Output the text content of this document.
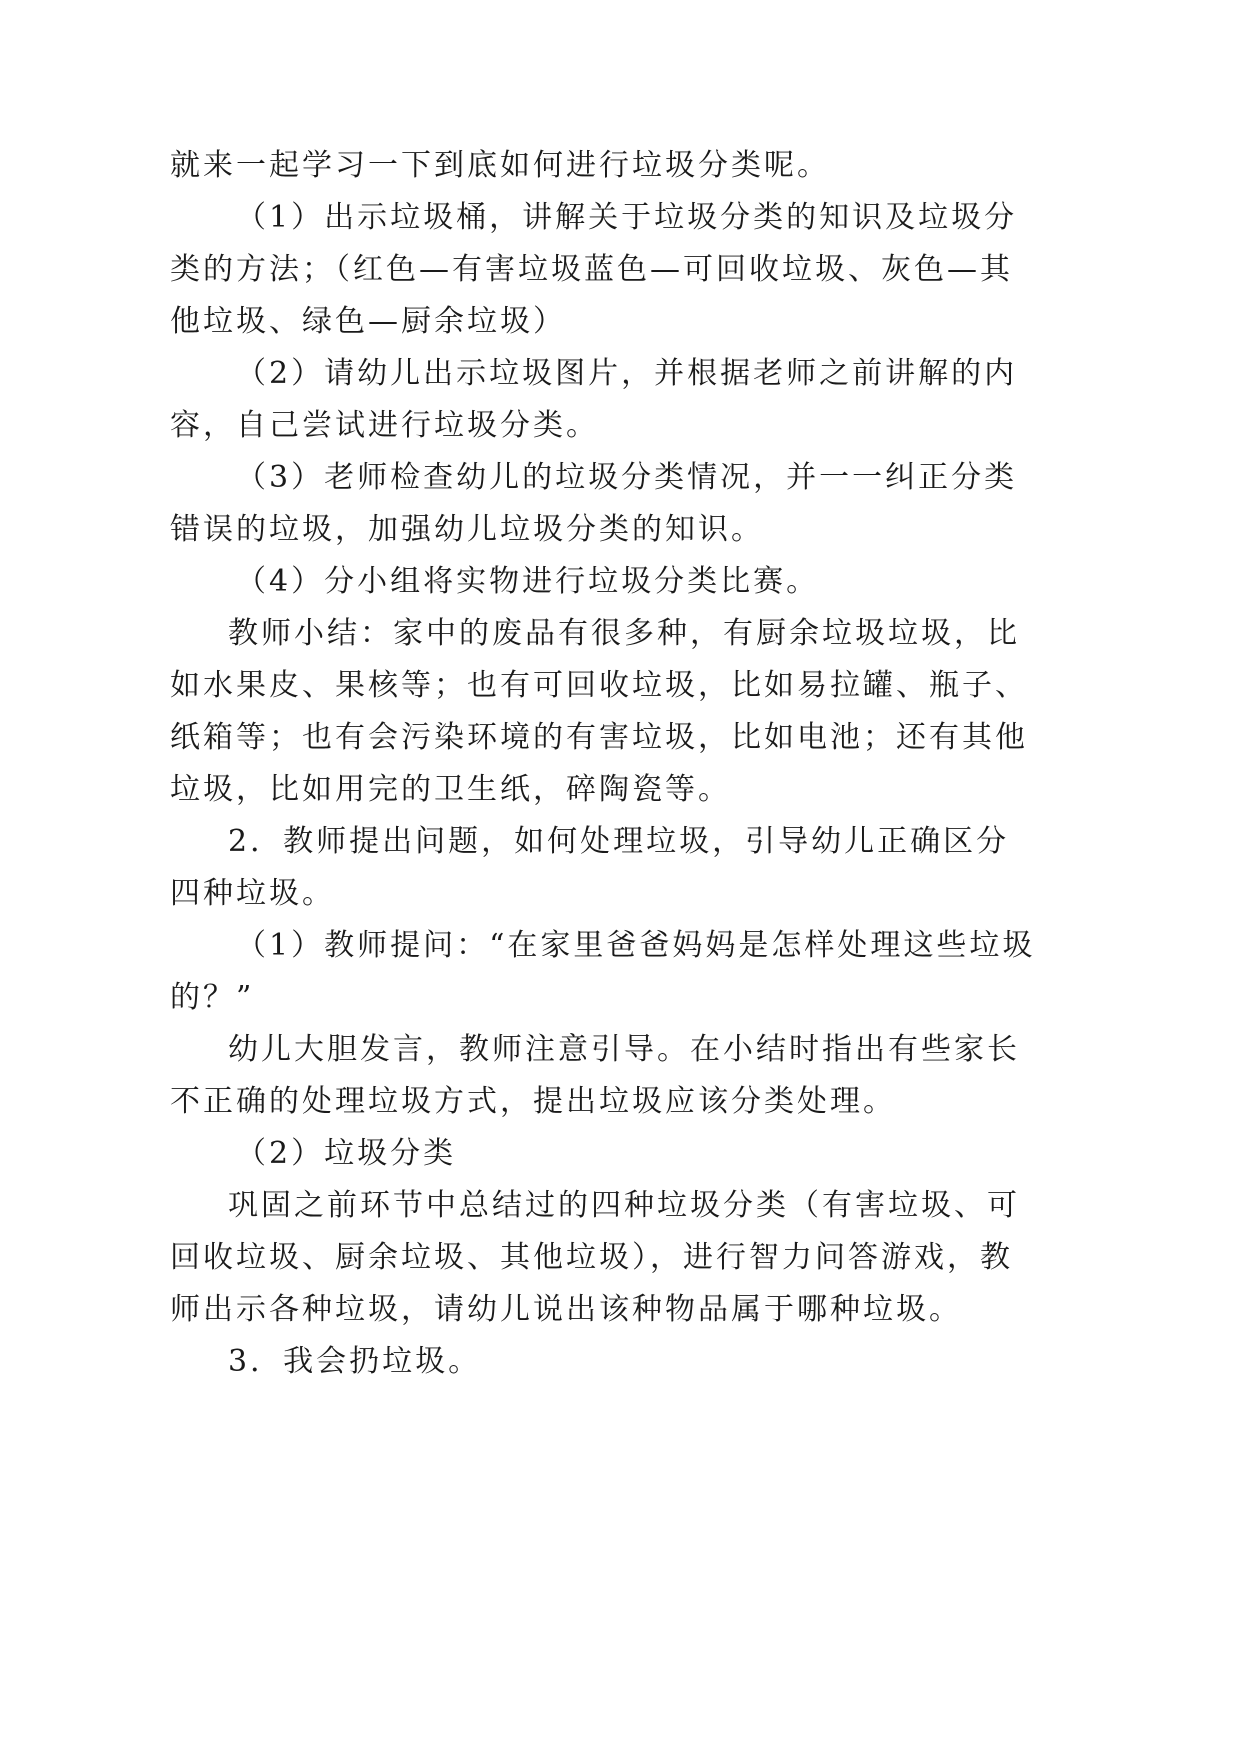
就来一起学习一下到底如何进行垃圾分类呢。
（1）出示垃圾桶，讲解关于垃圾分类的知识及垃圾分
类的方法；（红色—有害垃圾蓝色—可回收垃圾、灰色—其
他垃圾、绿色—厨余垃圾）
（2）请幼儿出示垃圾图片，并根据老师之前讲解的内
容，自己尝试进行垃圾分类。
（3）老师检查幼儿的垃圾分类情况，并一一纠正分类
错误的垃圾，加强幼儿垃圾分类的知识。
（4）分小组将实物进行垃圾分类比赛。
教师小结：家中的废品有很多种，有厨余垃圾垃圾，比
如水果皮、果核等；也有可回收垃圾，比如易拉罐、瓶子、
纸箱等；也有会污染环境的有害垃圾，比如电池；还有其他
垃圾，比如用完的卫生纸，碎陶瓷等。
2．教师提出问题，如何处理垃圾，引导幼儿正确区分
四种垃圾。
（1）教师提问：“在家里爸爸妈妈是怎样处理这些垃圾
的？”
幼儿大胆发言，教师注意引导。在小结时指出有些家长
不正确的处理垃圾方式，提出垃圾应该分类处理。
（2）垃圾分类
巩固之前环节中总结过的四种垃圾分类（有害垃圾、可
回收垃圾、厨余垃圾、其他垃圾），进行智力问答游戏，教
师出示各种垃圾，请幼儿说出该种物品属于哪种垃圾。
3．我会扔垃圾。
